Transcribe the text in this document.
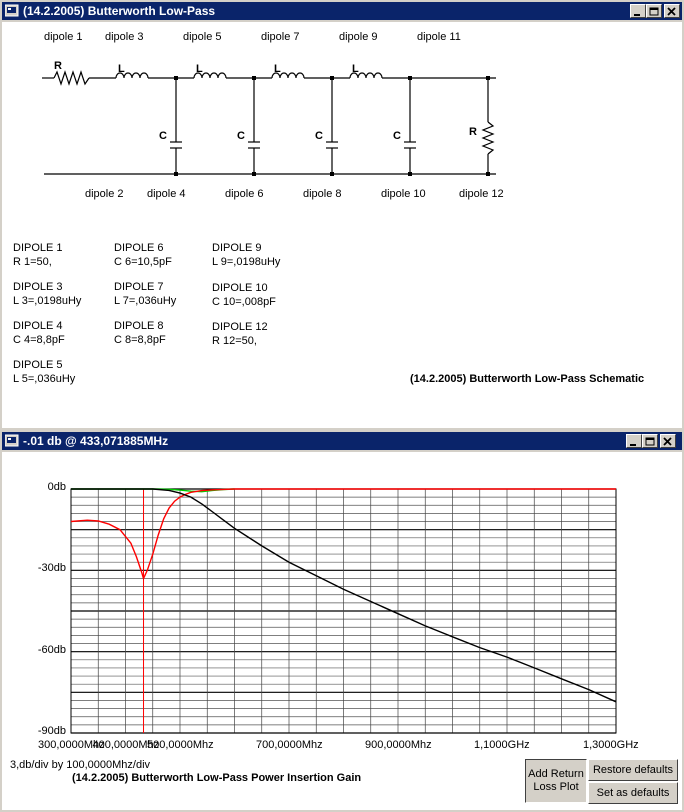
(14.2.2005) Butterworth Low-Pass
R	L	L	L	L
C	C	C	C	R
dipole 1 dipole 3	dipole 5	dipole 7	dipole 9	dipole 11
dipole 2 dipole 4	dipole 6	dipole 8	dipole 10	dipole 12
DIPOLE 1
R 1=50,
DIPOLE 3
L 3=,0198uHy
DIPOLE 4
C 4=8,8pF
DIPOLE 5
L 5=,036uHy
DIPOLE 6
C 6=10,5pF
DIPOLE 7
L 7=,036uHy
DIPOLE 8
C 8=8,8pF
DIPOLE 9
L 9=,0198uHy
DIPOLE 10
C 10=,008pF
DIPOLE 12
R 12=50,
(14.2.2005) Butterworth Low-Pass Schematic
-.01 db @ 433,071885MHz
0db
-30db
-60db
-90db
300,0000Mhz
400,0000Mhz
500,0000Mhz	700,0000Mhz	900,0000Mhz	1,1000GHz	1,3000GHz
3,db/div by 100,0000Mhz/div
(14.2.2005) Butterworth Low-Pass Power Insertion Gain	Add Return Loss Plot
Restore defaults
Set as defaults
